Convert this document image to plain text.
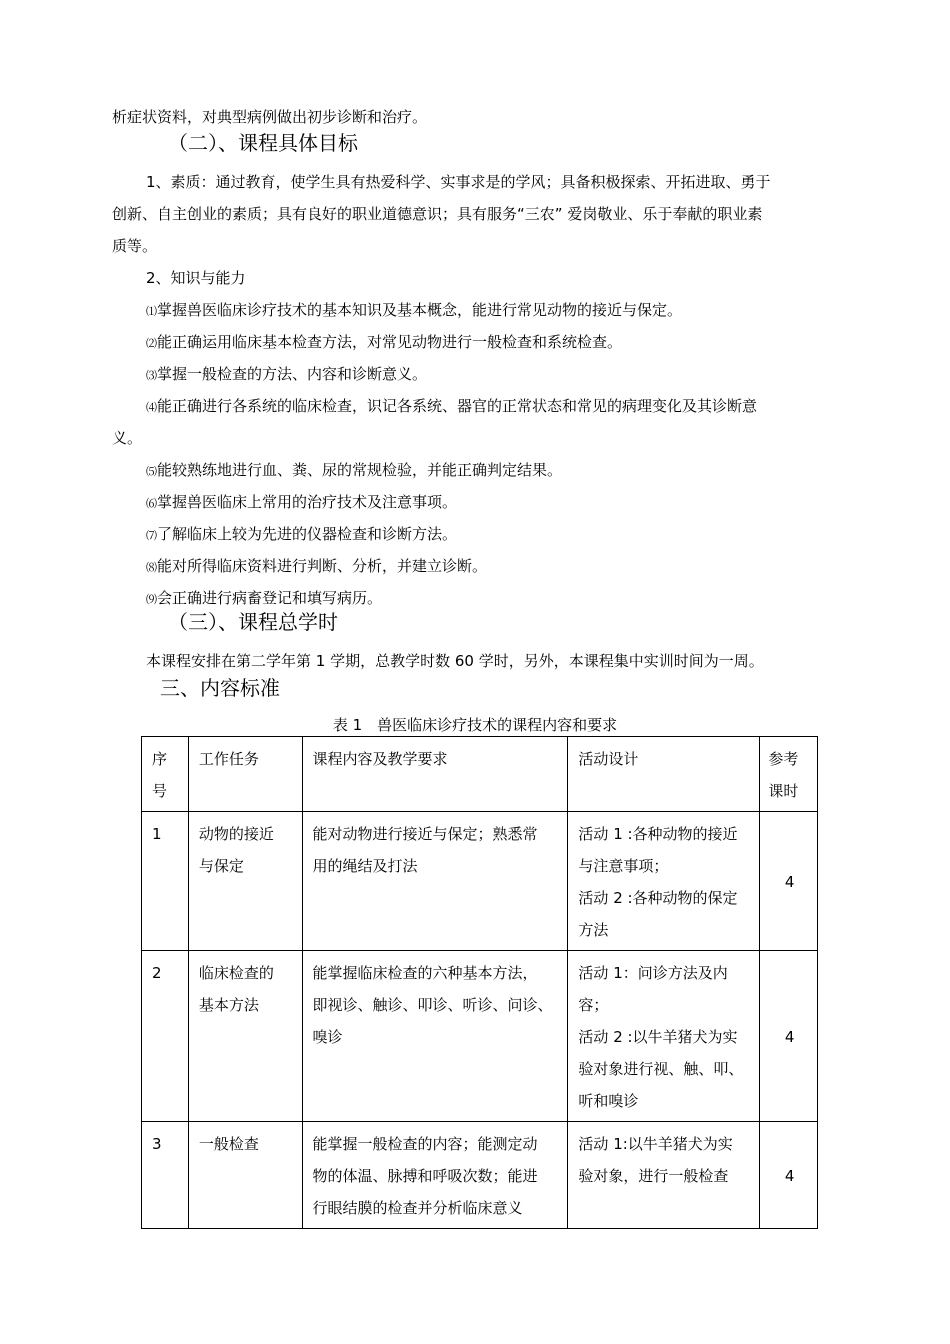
析症状资料，对典型病例做出初步诊断和治疗。
（二）、课程具体目标
1、素质：通过教育，使学生具有热爱科学、实事求是的学风；具备积极探索、开拓进取、勇于
创新、自主创业的素质；具有良好的职业道德意识；具有服务“三农” 爱岗敬业、乐于奉献的职业素
质等。
2、知识与能力
⑴掌握兽医临床诊疗技术的基本知识及基本概念，能进行常见动物的接近与保定。
⑵能正确运用临床基本检查方法，对常见动物进行一般检查和系统检查。
⑶掌握一般检查的方法、内容和诊断意义。
⑷能正确进行各系统的临床检查，识记各系统、器官的正常状态和常见的病理变化及其诊断意
义。
⑸能较熟练地进行血、粪、尿的常规检验，并能正确判定结果。
⑹掌握兽医临床上常用的治疗技术及注意事项。
⑺了解临床上较为先进的仪器检查和诊断方法。
⑻能对所得临床资料进行判断、分析，并建立诊断。
⑼会正确进行病畜登记和填写病历。
（三）、课程总学时
本课程安排在第二学年第 1 学期，总教学时数 60 学时，另外，本课程集中实训时间为一周。
三、内容标准
表 1　兽医临床诊疗技术的课程内容和要求
序
号	工作任务	课程内容及教学要求	活动设计	参考
课时
1	动物的接近
与保定	能对动物进行接近与保定；熟悉常
用的绳结及打法	活动 1 :各种动物的接近
与注意事项；
活动 2 :各种动物的保定
方法	4
2	临床检查的
基本方法	能掌握临床检查的六种基本方法，
即视诊、触诊、叩诊、听诊、问诊、
嗅诊	活动 1：问诊方法及内
容；
活动 2 :以牛羊猪犬为实
验对象进行视、触、叩、
听和嗅诊	4
3	一般检查	能掌握一般检查的内容；能测定动
物的体温、脉搏和呼吸次数；能进
行眼结膜的检查并分析临床意义	活动 1:以牛羊猪犬为实
验对象，进行一般检查	4
